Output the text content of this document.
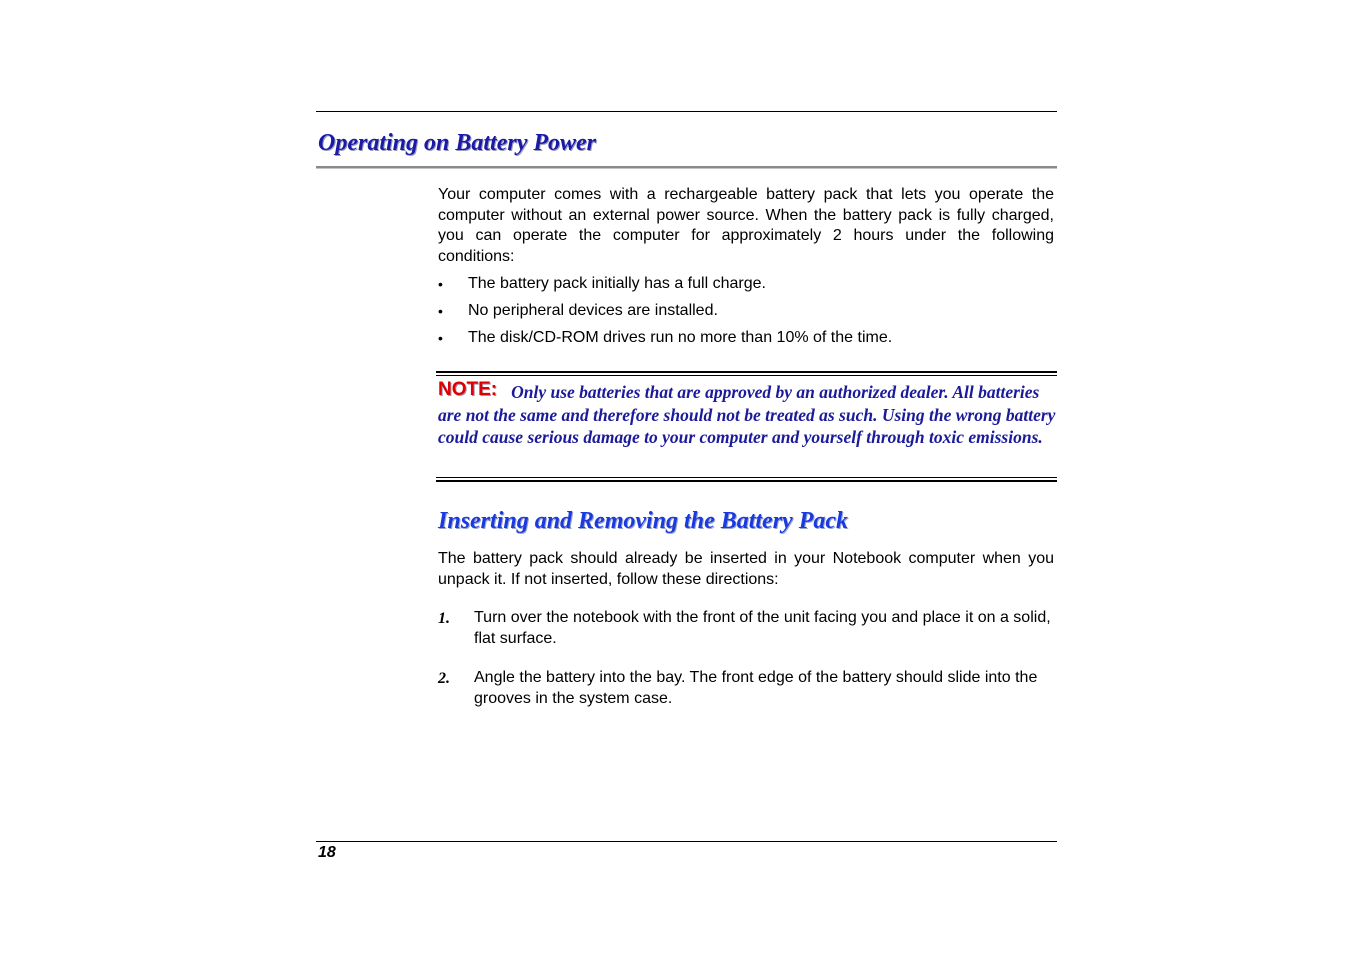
Operating on Battery Power

Your computer comes with a rechargeable battery pack that lets you operate the computer without an external power source. When the battery pack is fully charged, you can operate the computer for approximately 2 hours under the following conditions:

• The battery pack initially has a full charge.
• No peripheral devices are installed.
• The disk/CD-ROM drives run no more than 10% of the time.

NOTE: Only use batteries that are approved by an authorized dealer. All batteries are not the same and therefore should not be treated as such. Using the wrong battery could cause serious damage to your computer and yourself through toxic emissions.

Inserting and Removing the Battery Pack

The battery pack should already be inserted in your Notebook computer when you unpack it. If not inserted, follow these directions:

1. Turn over the notebook with the front of the unit facing you and place it on a solid, flat surface.
2. Angle the battery into the bay. The front edge of the battery should slide into the grooves in the system case.

18
